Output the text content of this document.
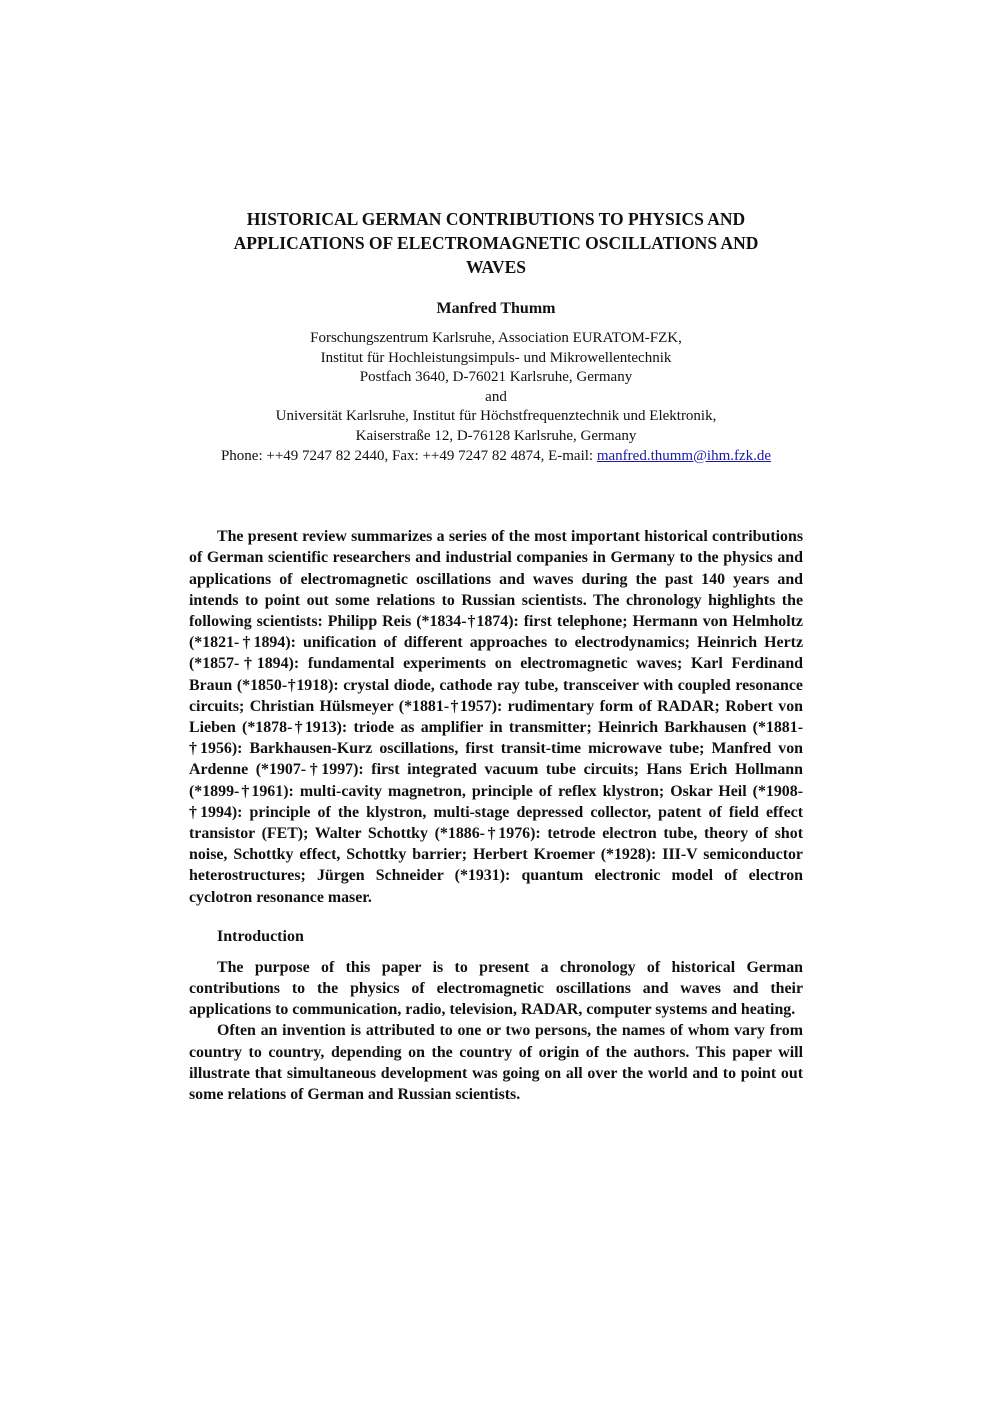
HISTORICAL GERMAN CONTRIBUTIONS TO PHYSICS AND
APPLICATIONS OF ELECTROMAGNETIC OSCILLATIONS AND
WAVES
Manfred Thumm
Forschungszentrum Karlsruhe, Association EURATOM-FZK,
Institut für Hochleistungsimpuls- und Mikrowellentechnik
Postfach 3640, D-76021 Karlsruhe, Germany
and
Universität Karlsruhe, Institut für Höchstfrequenztechnik und Elektronik,
Kaiserstraße 12, D-76128 Karlsruhe, Germany
Phone: ++49 7247 82 2440, Fax: ++49 7247 82 4874, E-mail: manfred.thumm@ihm.fzk.de

The present review summarizes a series of the most important historical contributions of German scientific researchers and industrial companies in Germany to the physics and applications of electromagnetic oscillations and waves during the past 140 years and intends to point out some relations to Russian scientists. The chronology highlights the following scientists: Philipp Reis (*1834-†1874): first telephone; Hermann von Helmholtz (*1821-†1894): unification of different approaches to electrodynamics; Heinrich Hertz (*1857-†1894): fundamental experiments on electromagnetic waves; Karl Ferdinand Braun (*1850-†1918): crystal diode, cathode ray tube, transceiver with coupled resonance circuits; Christian Hülsmeyer (*1881-†1957): rudimentary form of RADAR; Robert von Lieben (*1878-†1913): triode as amplifier in transmitter; Heinrich Barkhausen (*1881-†1956): Barkhausen-Kurz oscillations, first transit-time microwave tube; Manfred von Ardenne (*1907-†1997): first integrated vacuum tube circuits; Hans Erich Hollmann (*1899-†1961): multi-cavity magnetron, principle of reflex klystron; Oskar Heil (*1908-†1994): principle of the klystron, multi-stage depressed collector, patent of field effect transistor (FET); Walter Schottky (*1886-†1976): tetrode electron tube, theory of shot noise, Schottky effect, Schottky barrier; Herbert Kroemer (*1928): III-V semiconductor heterostructures; Jürgen Schneider (*1931): quantum electronic model of electron cyclotron resonance maser.

Introduction

The purpose of this paper is to present a chronology of historical German contributions to the physics of electromagnetic oscillations and waves and their applications to communication, radio, television, RADAR, computer systems and heating.

Often an invention is attributed to one or two persons, the names of whom vary from country to country, depending on the country of origin of the authors. This paper will illustrate that simultaneous development was going on all over the world and to point out some relations of German and Russian scientists.
